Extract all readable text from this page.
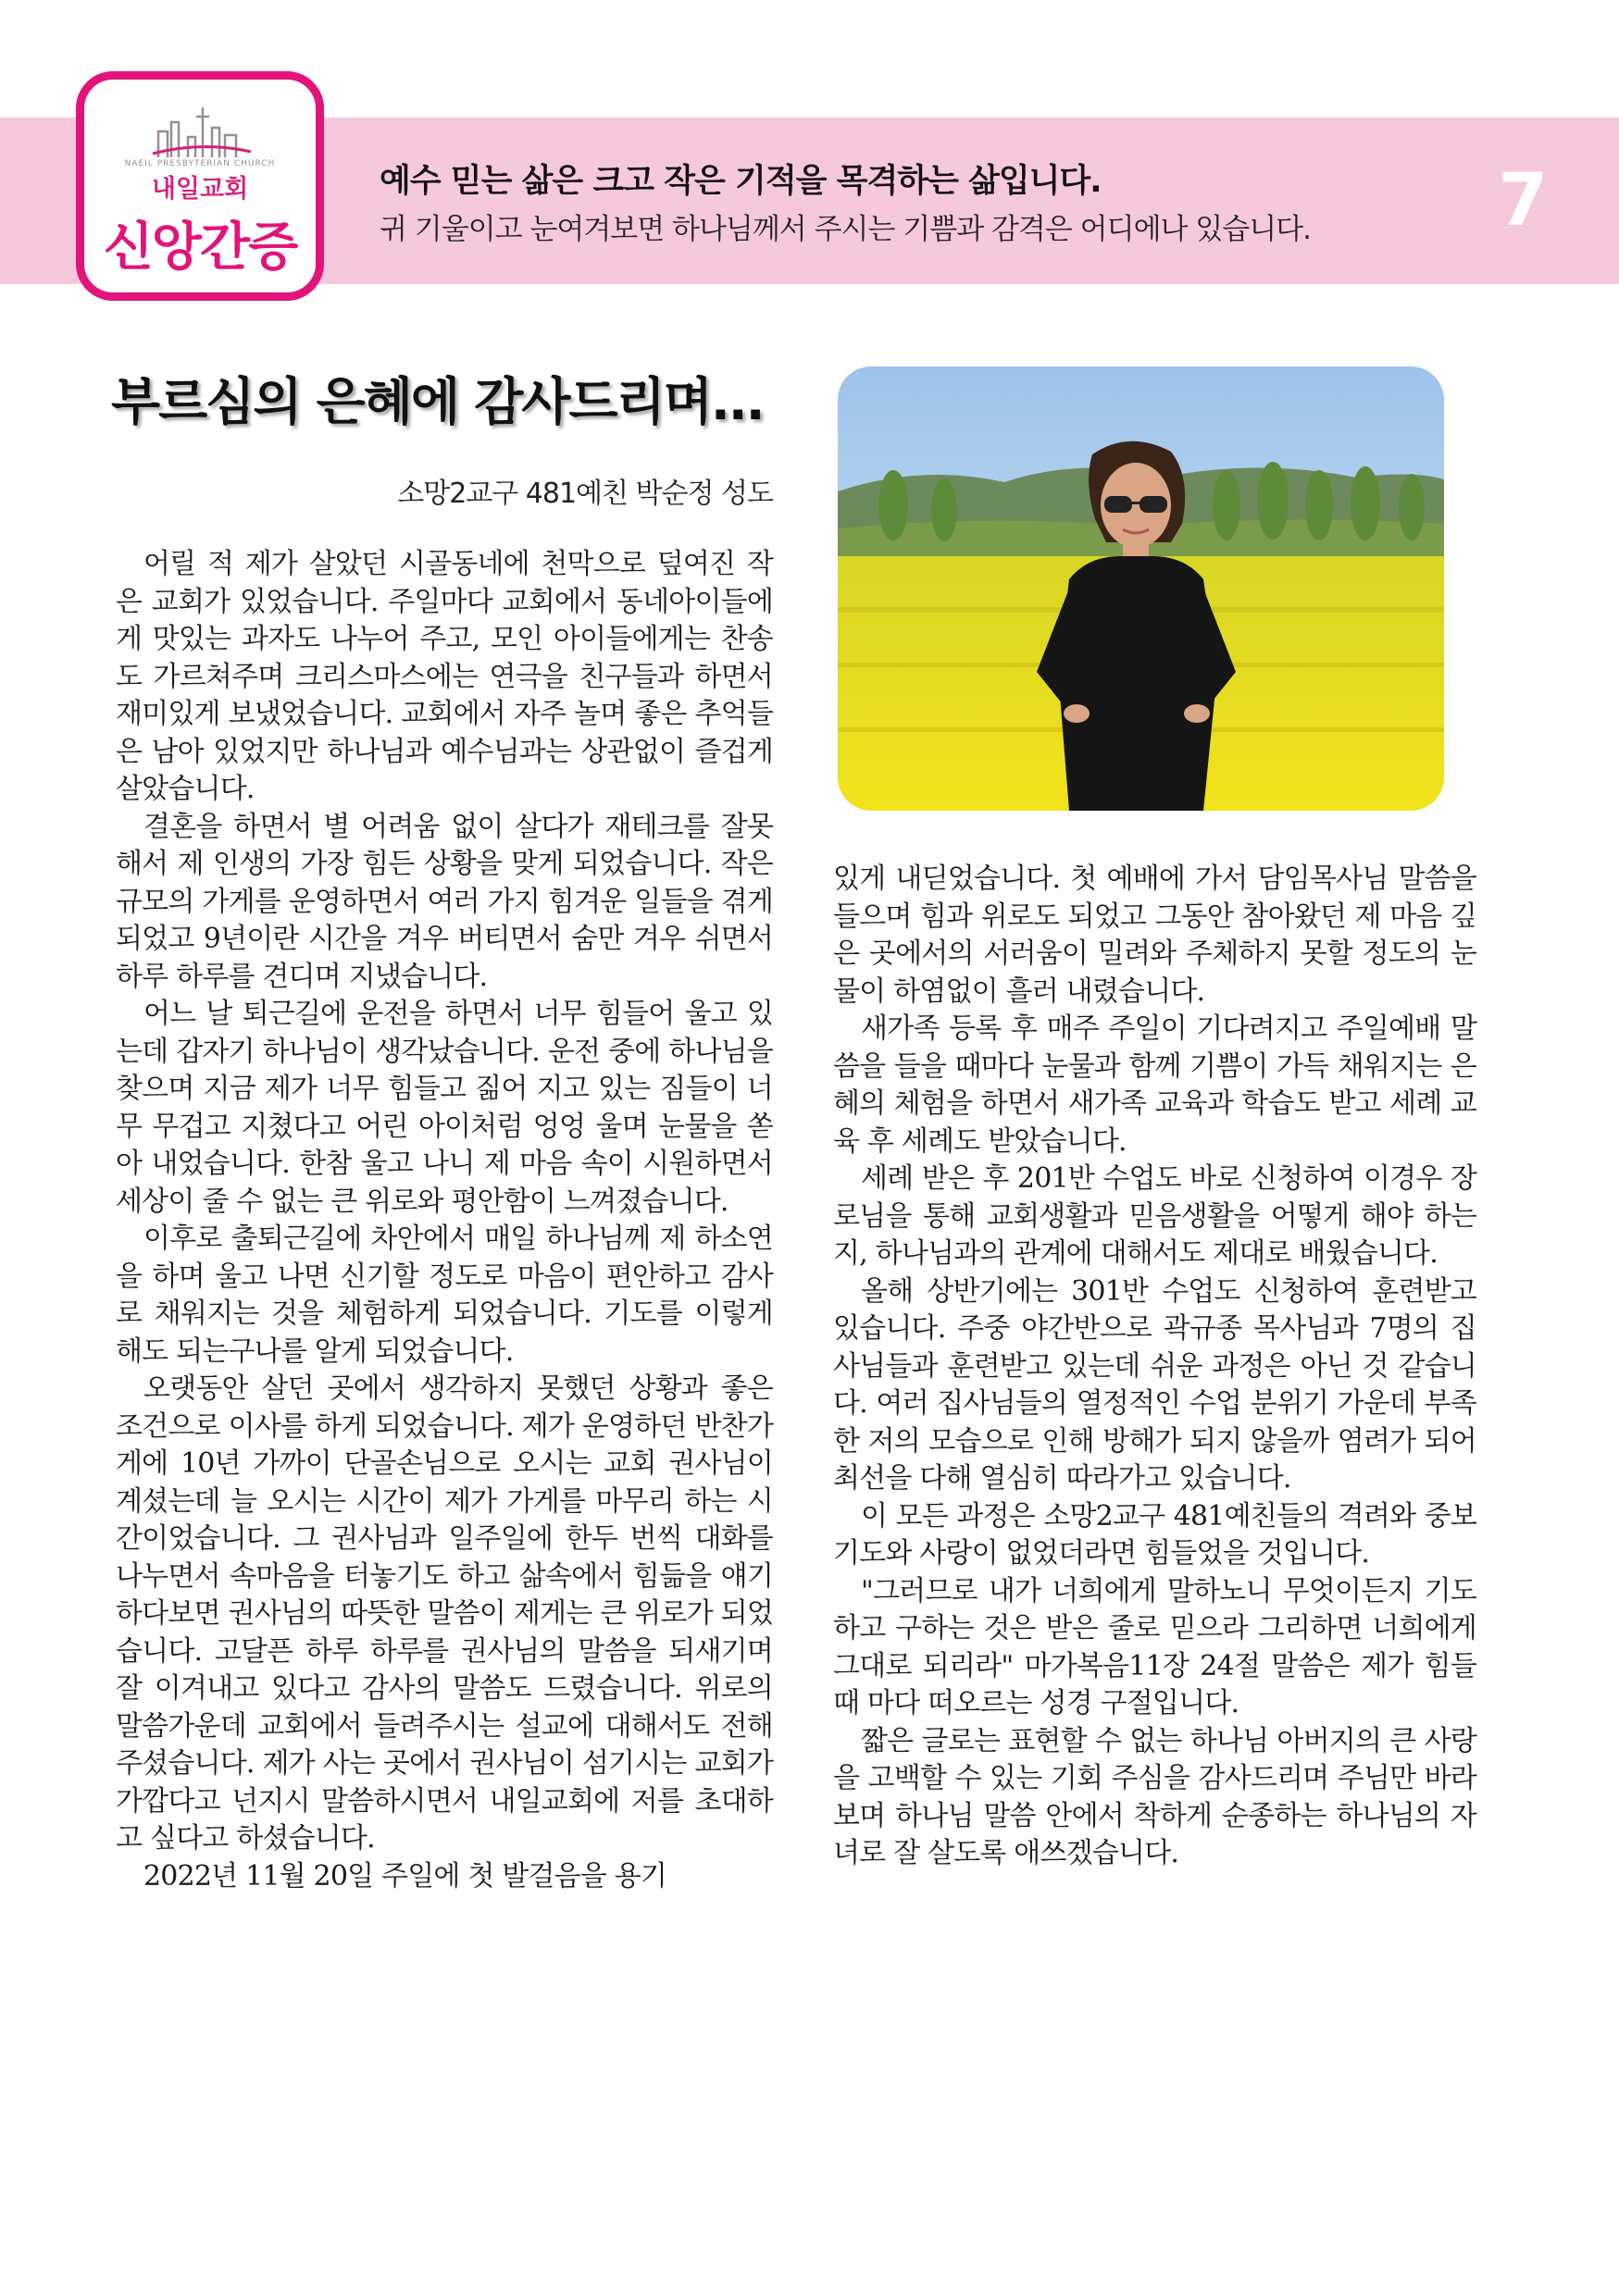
NAEIL PRESBYTERIAN CHURCH
내일교회
신앙간증
예수 믿는 삶은 크고 작은 기적을 목격하는 삶입니다.
귀 기울이고 눈여겨보면 하나님께서 주시는 기쁨과 감격은 어디에나 있습니다.	7
부르심의 은혜에 감사드리며...
소망2교구 481예친 박순정 성도

어릴 적 제가 살았던 시골동네에 천막으로 덮여진 작은 교회가 있었습니다. 주일마다 교회에서 동네아이들에게 맛있는 과자도 나누어 주고, 모인 아이들에게는 찬송도 가르쳐주며 크리스마스에는 연극을 친구들과 하면서 재미있게 보냈었습니다. 교회에서 자주 놀며 좋은 추억들은 남아 있었지만 하나님과 예수님과는 상관없이 즐겁게 살았습니다.

결혼을 하면서 별 어려움 없이 살다가 재테크를 잘못해서 제 인생의 가장 힘든 상황을 맞게 되었습니다. 작은 규모의 가게를 운영하면서 여러 가지 힘겨운 일들을 겪게 되었고 9년이란 시간을 겨우 버티면서 숨만 겨우 쉬면서 하루 하루를 견디며 지냈습니다.

어느 날 퇴근길에 운전을 하면서 너무 힘들어 울고 있는데 갑자기 하나님이 생각났습니다. 운전 중에 하나님을 찾으며 지금 제가 너무 힘들고 짊어 지고 있는 짐들이 너무 무겁고 지쳤다고 어린 아이처럼 엉엉 울며 눈물을 쏟아 내었습니다. 한참 울고 나니 제 마음 속이 시원하면서 세상이 줄 수 없는 큰 위로와 평안함이 느껴졌습니다.

이후로 출퇴근길에 차안에서 매일 하나님께 제 하소연을 하며 울고 나면 신기할 정도로 마음이 편안하고 감사로 채워지는 것을 체험하게 되었습니다. 기도를 이렇게 해도 되는구나를 알게 되었습니다.

오랫동안 살던 곳에서 생각하지 못했던 상황과 좋은 조건으로 이사를 하게 되었습니다. 제가 운영하던 반찬가게에 10년 가까이 단골손님으로 오시는 교회 권사님이 계셨는데 늘 오시는 시간이 제가 가게를 마무리 하는 시간이었습니다. 그 권사님과 일주일에 한두 번씩 대화를 나누면서 속마음을 터놓기도 하고 삶속에서 힘듦을 얘기하다보면 권사님의 따뜻한 말씀이 제게는 큰 위로가 되었습니다. 고달픈 하루 하루를 권사님의 말씀을 되새기며 잘 이겨내고 있다고 감사의 말씀도 드렸습니다. 위로의 말씀가운데 교회에서 들려주시는 설교에 대해서도 전해주셨습니다. 제가 사는 곳에서 권사님이 섬기시는 교회가 가깝다고 넌지시 말씀하시면서 내일교회에 저를 초대하고 싶다고 하셨습니다.

2022년 11월 20일 주일에 첫 발걸음을 용기

있게 내딛었습니다. 첫 예배에 가서 담임목사님 말씀을 들으며 힘과 위로도 되었고 그동안 참아왔던 제 마음 깊은 곳에서의 서러움이 밀려와 주체하지 못할 정도의 눈물이 하염없이 흘러 내렸습니다.

새가족 등록 후 매주 주일이 기다려지고 주일예배 말씀을 들을 때마다 눈물과 함께 기쁨이 가득 채워지는 은혜의 체험을 하면서 새가족 교육과 학습도 받고 세례 교육 후 세례도 받았습니다.

세례 받은 후 201반 수업도 바로 신청하여 이경우 장로님을 통해 교회생활과 믿음생활을 어떻게 해야 하는지, 하나님과의 관계에 대해서도 제대로 배웠습니다.

올해 상반기에는 301반 수업도 신청하여 훈련받고 있습니다. 주중 야간반으로 곽규종 목사님과 7명의 집사님들과 훈련받고 있는데 쉬운 과정은 아닌 것 같습니다. 여러 집사님들의 열정적인 수업 분위기 가운데 부족한 저의 모습으로 인해 방해가 되지 않을까 염려가 되어 최선을 다해 열심히 따라가고 있습니다.

이 모든 과정은 소망2교구 481예친들의 격려와 중보기도와 사랑이 없었더라면 힘들었을 것입니다.

"그러므로 내가 너희에게 말하노니 무엇이든지 기도하고 구하는 것은 받은 줄로 믿으라 그리하면 너희에게 그대로 되리라" 마가복음11장 24절 말씀은 제가 힘들 때 마다 떠오르는 성경 구절입니다.

짧은 글로는 표현할 수 없는 하나님 아버지의 큰 사랑을 고백할 수 있는 기회 주심을 감사드리며 주님만 바라보며 하나님 말씀 안에서 착하게 순종하는 하나님의 자녀로 잘 살도록 애쓰겠습니다.
